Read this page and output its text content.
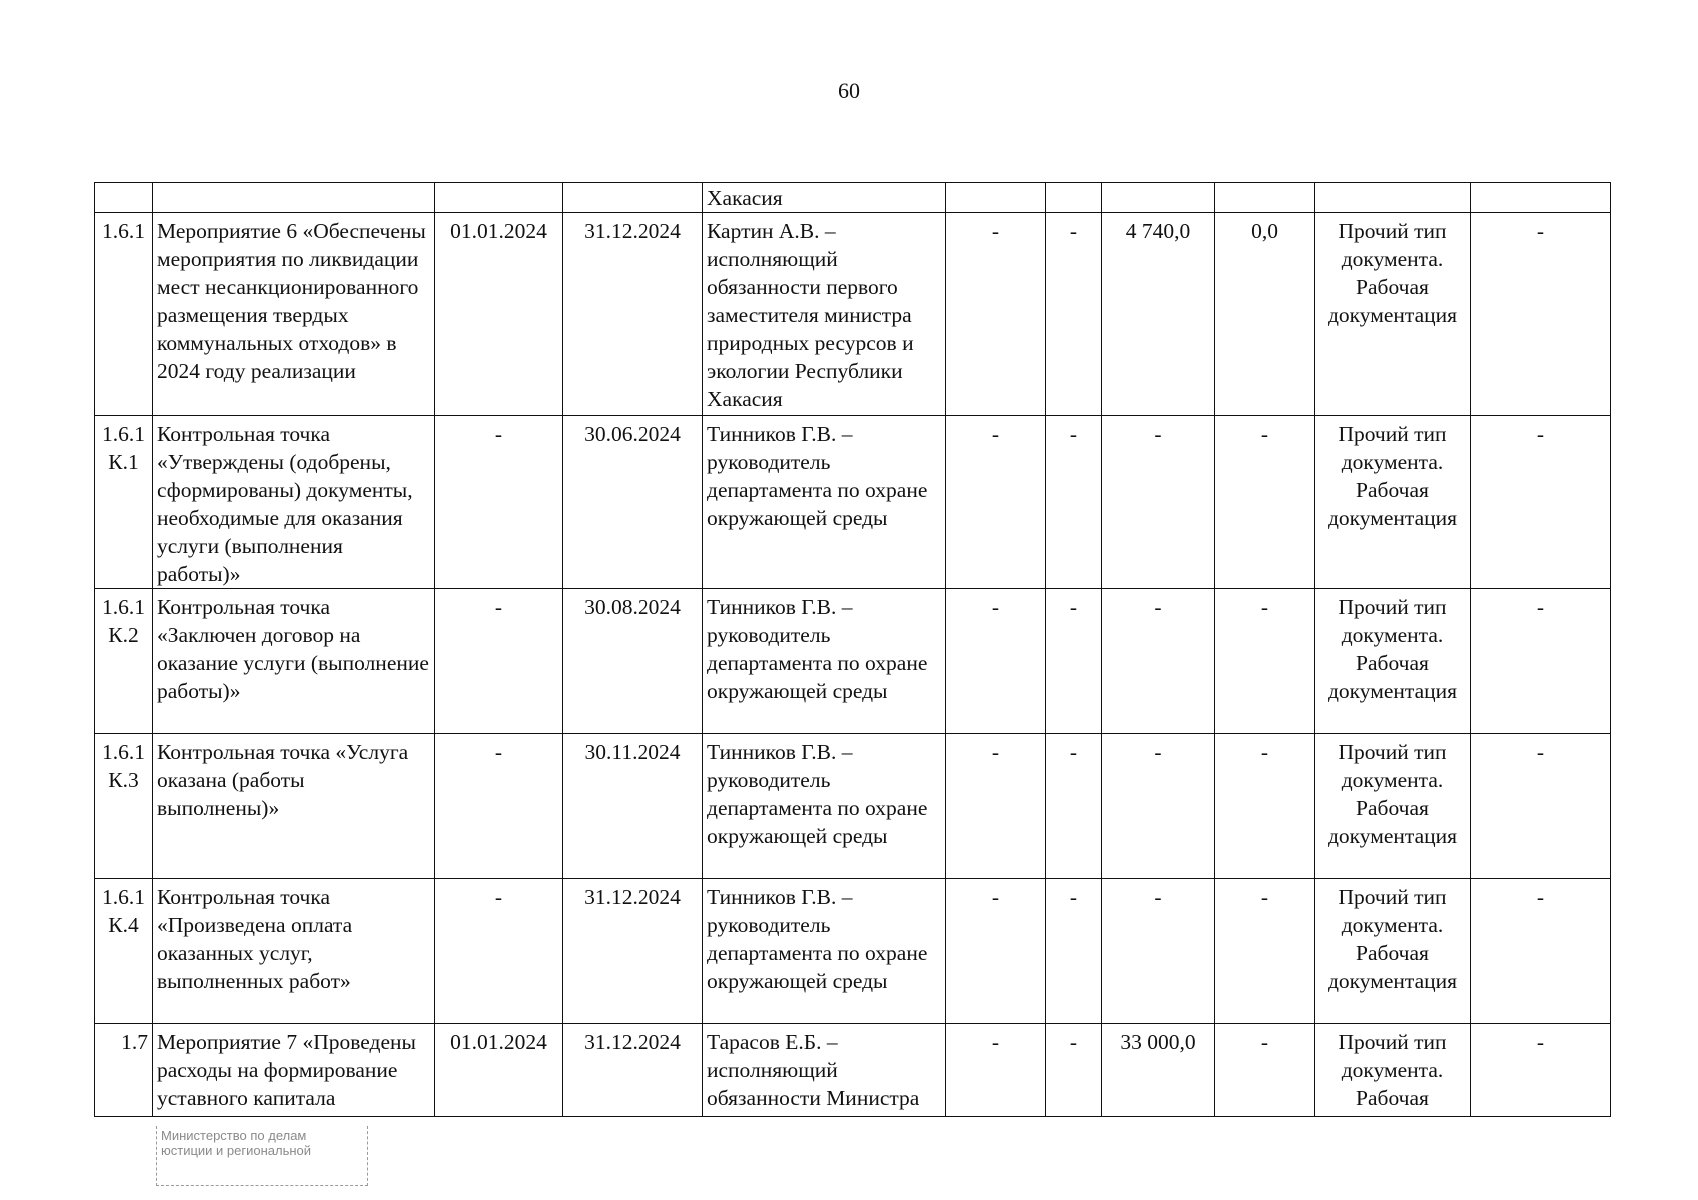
60
				Хакасия						
1.6.1	Мероприятие 6 «Обеспечены мероприятия по ликвидации мест несанкционированного размещения твердых коммунальных отходов» в 2024 году реализации	01.01.2024	31.12.2024	Картин А.В. – исполняющий обязанности первого заместителя министра природных ресурсов и экологии Республики Хакасия	-	-	4 740,0	0,0	Прочий тип документа. Рабочая документация	-
1.6.1 К.1	Контрольная точка «Утверждены (одобрены, сформированы) документы, необходимые для оказания услуги (выполнения работы)»	-	30.06.2024	Тинников Г.В. – руководитель департамента по охране окружающей среды	-	-	-	-	Прочий тип документа. Рабочая документация	-
1.6.1 К.2	Контрольная точка «Заключен договор на оказание услуги (выполнение работы)»	-	30.08.2024	Тинников Г.В. – руководитель департамента по охране окружающей среды	-	-	-	-	Прочий тип документа. Рабочая документация	-
1.6.1 К.3	Контрольная точка «Услуга оказана (работы выполнены)»	-	30.11.2024	Тинников Г.В. – руководитель департамента по охране окружающей среды	-	-	-	-	Прочий тип документа. Рабочая документация	-
1.6.1 К.4	Контрольная точка «Произведена оплата оказанных услуг, выполненных работ»	-	31.12.2024	Тинников Г.В. – руководитель департамента по охране окружающей среды	-	-	-	-	Прочий тип документа. Рабочая документация	-
1.7	Мероприятие 7 «Проведены расходы на формирование уставного капитала	01.01.2024	31.12.2024	Тарасов Е.Б. – исполняющий обязанности Министра	-	-	33 000,0	-	Прочий тип документа. Рабочая	-
Министерство по делам
юстиции и региональной
